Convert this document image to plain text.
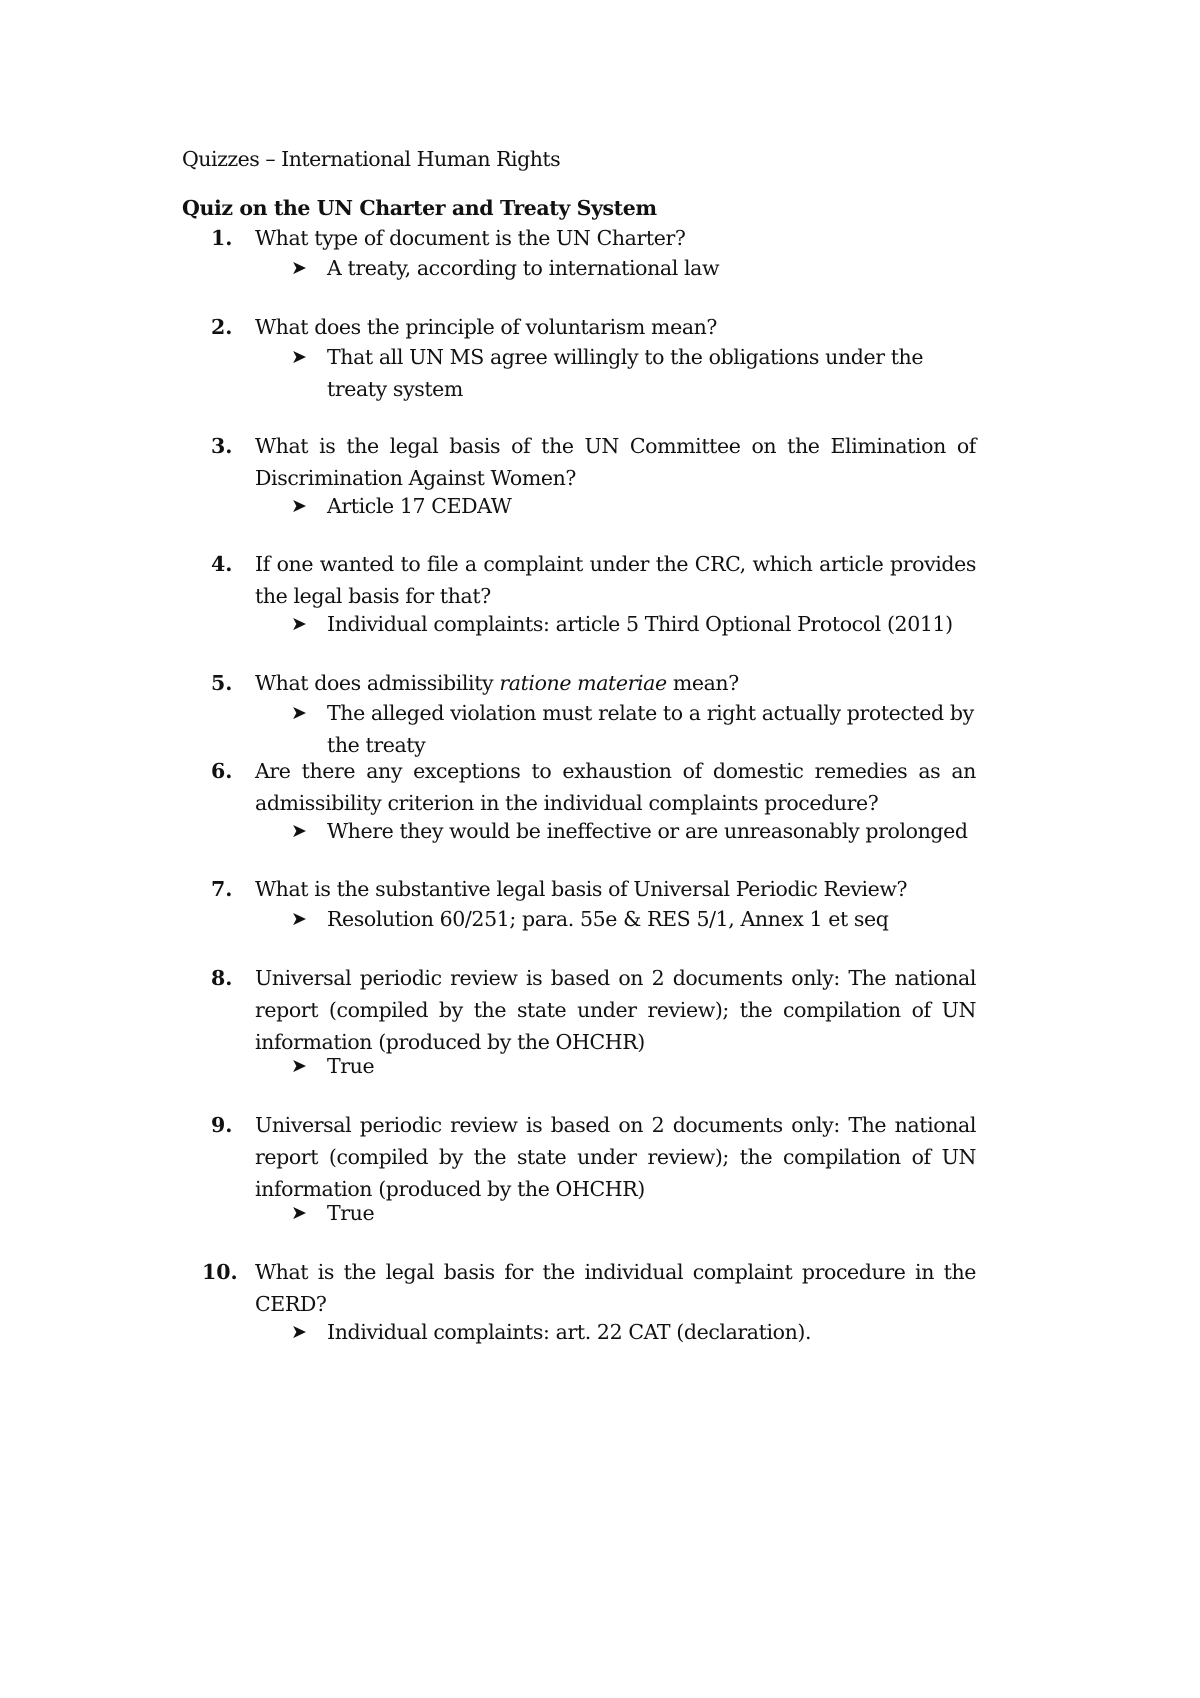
Quizzes – International Human Rights
Quiz on the UN Charter and Treaty System
1. What type of document is the UN Charter?
➤ A treaty, according to international law
2. What does the principle of voluntarism mean?
➤ That all UN MS agree willingly to the obligations under the treaty system
3. What is the legal basis of the UN Committee on the Elimination of Discrimination Against Women?
➤ Article 17 CEDAW
4. If one wanted to file a complaint under the CRC, which article provides the legal basis for that?
➤ Individual complaints: article 5 Third Optional Protocol (2011)
5. What does admissibility ratione materiae mean?
➤ The alleged violation must relate to a right actually protected by the treaty
6. Are there any exceptions to exhaustion of domestic remedies as an admissibility criterion in the individual complaints procedure?
➤ Where they would be ineffective or are unreasonably prolonged
7. What is the substantive legal basis of Universal Periodic Review?
➤ Resolution 60/251; para. 55e & RES 5/1, Annex 1 et seq
8. Universal periodic review is based on 2 documents only: The national report (compiled by the state under review); the compilation of UN information (produced by the OHCHR)
➤ True
9. Universal periodic review is based on 2 documents only: The national report (compiled by the state under review); the compilation of UN information (produced by the OHCHR)
➤ True
10. What is the legal basis for the individual complaint procedure in the CERD?
➤ Individual complaints: art. 22 CAT (declaration).
